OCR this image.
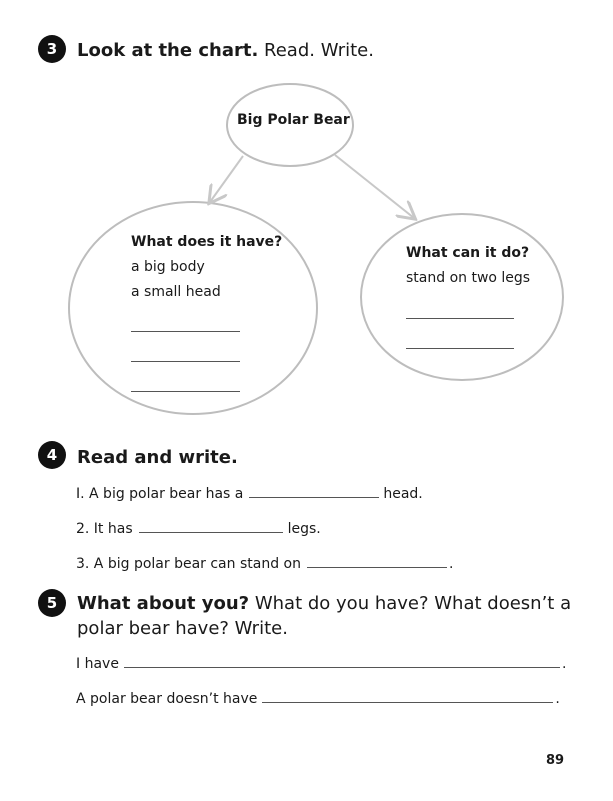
3	Look at the chart. Read. Write.
Big Polar Bear
What does it have?
a big body
a small head
What can it do?
stand on two legs
4	Read and write.
I. A big polar bear has a	head.
2. It has	legs.
3. A big polar bear can stand on	.
5	What about you? What do you have? What doesn’t a polar bear have? Write.
I have	.
A polar bear doesn’t have	.
89
